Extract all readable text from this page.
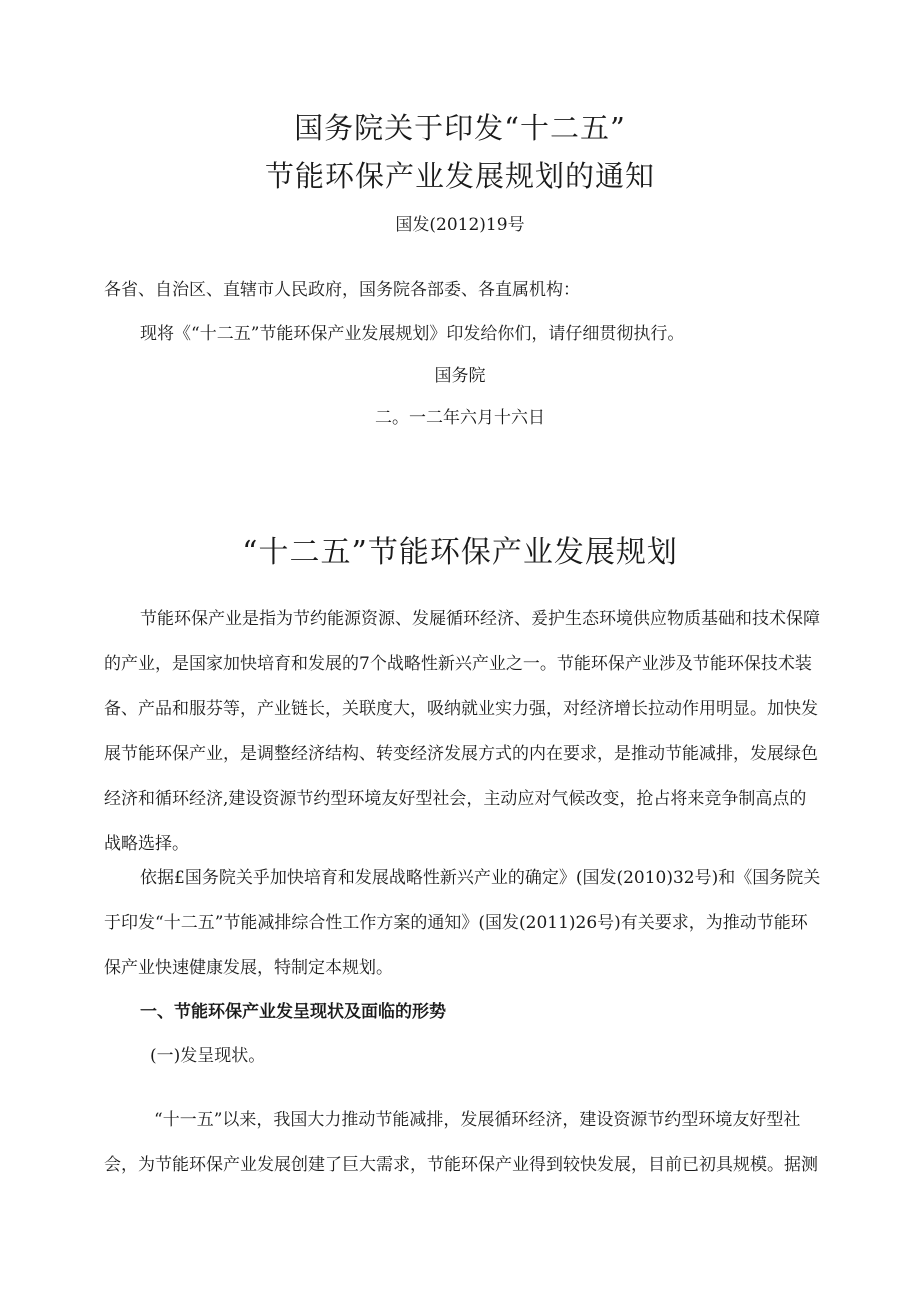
国务院关于印发“十二五”
节能环保产业发展规划的通知
国发(2012)19号
各省、自治区、直辖市人民政府，国务院各部委、各直属机构：
现将《“十二五”节能环保产业发展规划》印发给你们，请仔细贯彻执行。
国务院
二。一二年六月十六日
“十二五”节能环保产业发展规划
节能环保产业是指为节约能源资源、发屣循环经济、爰护生态环境供应物质基础和技术保障
的产业，是国家加快培育和发展的7个战略性新兴产业之一。节能环保产业涉及节能环保技术装
备、产品和服芬等，产业链长，关联度大，吸纳就业实力强，对经济增长拉动作用明显。加快发
展节能环保产业，是调整经济结构、转变经济发展方式的内在要求，是推动节能减排，发展绿色
经济和循环经济,建设资源节约型环境友好型社会，主动应对气候改变，抢占将来竞争制高点的
战略选择。
依据£国务院关乎加快培育和发展战略性新兴产业的确定》(国发(2010)32号)和《国务院关
于印发“十二五”节能减排综合性工作方案的通知》(国发(2011)26号)有关要求，为推动节能环
保产业快速健康发展，特制定本规划。
一、节能环保产业发呈现状及面临的形势
(一)发呈现状。
“十一五”以来，我国大力推动节能减排，发展循环经济，建设资源节约型环境友好型社
会，为节能环保产业发展创建了巨大需求，节能环保产业得到较快发展，目前已初具规模。据测
